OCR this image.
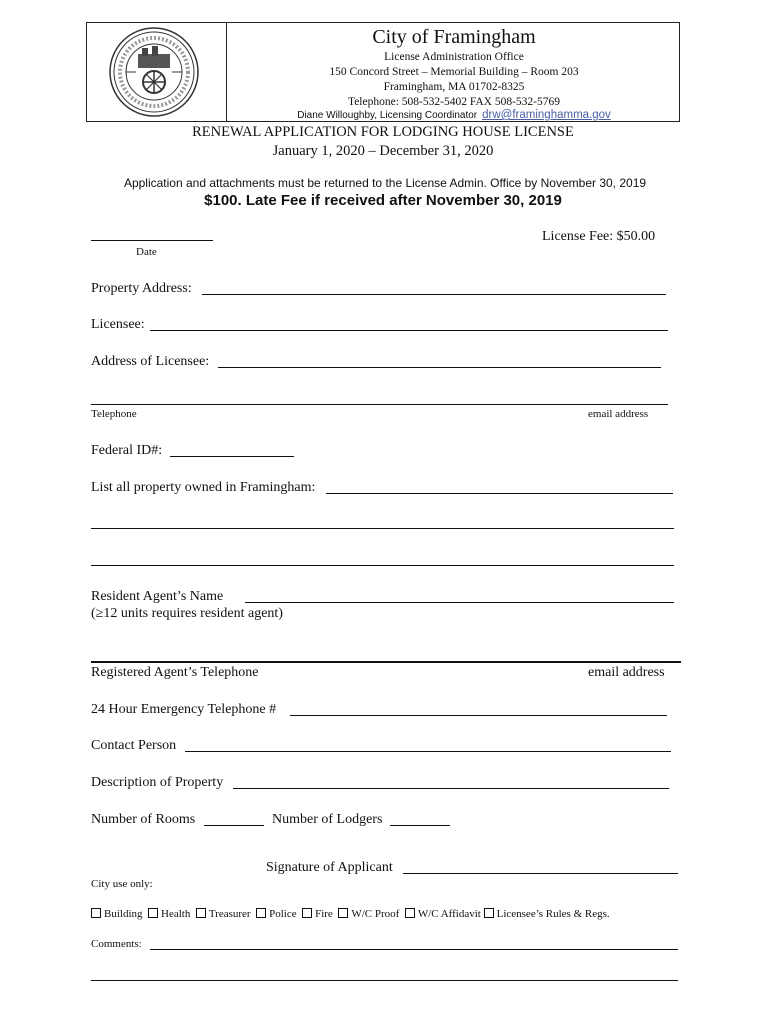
City of Framingham
License Administration Office
150 Concord Street – Memorial Building – Room 203
Framingham, MA 01702-8325
Telephone: 508-532-5402 FAX 508-532-5769
Diane Willoughby, Licensing Coordinator drw@framinghamma.gov
RENEWAL APPLICATION FOR LODGING HOUSE LICENSE
January 1, 2020 – December 31, 2020
Application and attachments must be returned to the License Admin. Office by November 30, 2019
$100. Late Fee if received after November 30, 2019
Date
License Fee: $50.00
Property Address:
Licensee:
Address of Licensee:
Telephone	email address
Federal ID#:
List all property owned in Framingham:
Resident Agent’s Name
(≥12 units requires resident agent)
Registered Agent’s Telephone	email address
24 Hour Emergency Telephone #
Contact Person
Description of Property
Number of Rooms	Number of Lodgers
Signature of Applicant
City use only:
Building Health Treasurer Police Fire W/C Proof W/C Affidavit Licensee’s Rules & Regs.
Comments:
